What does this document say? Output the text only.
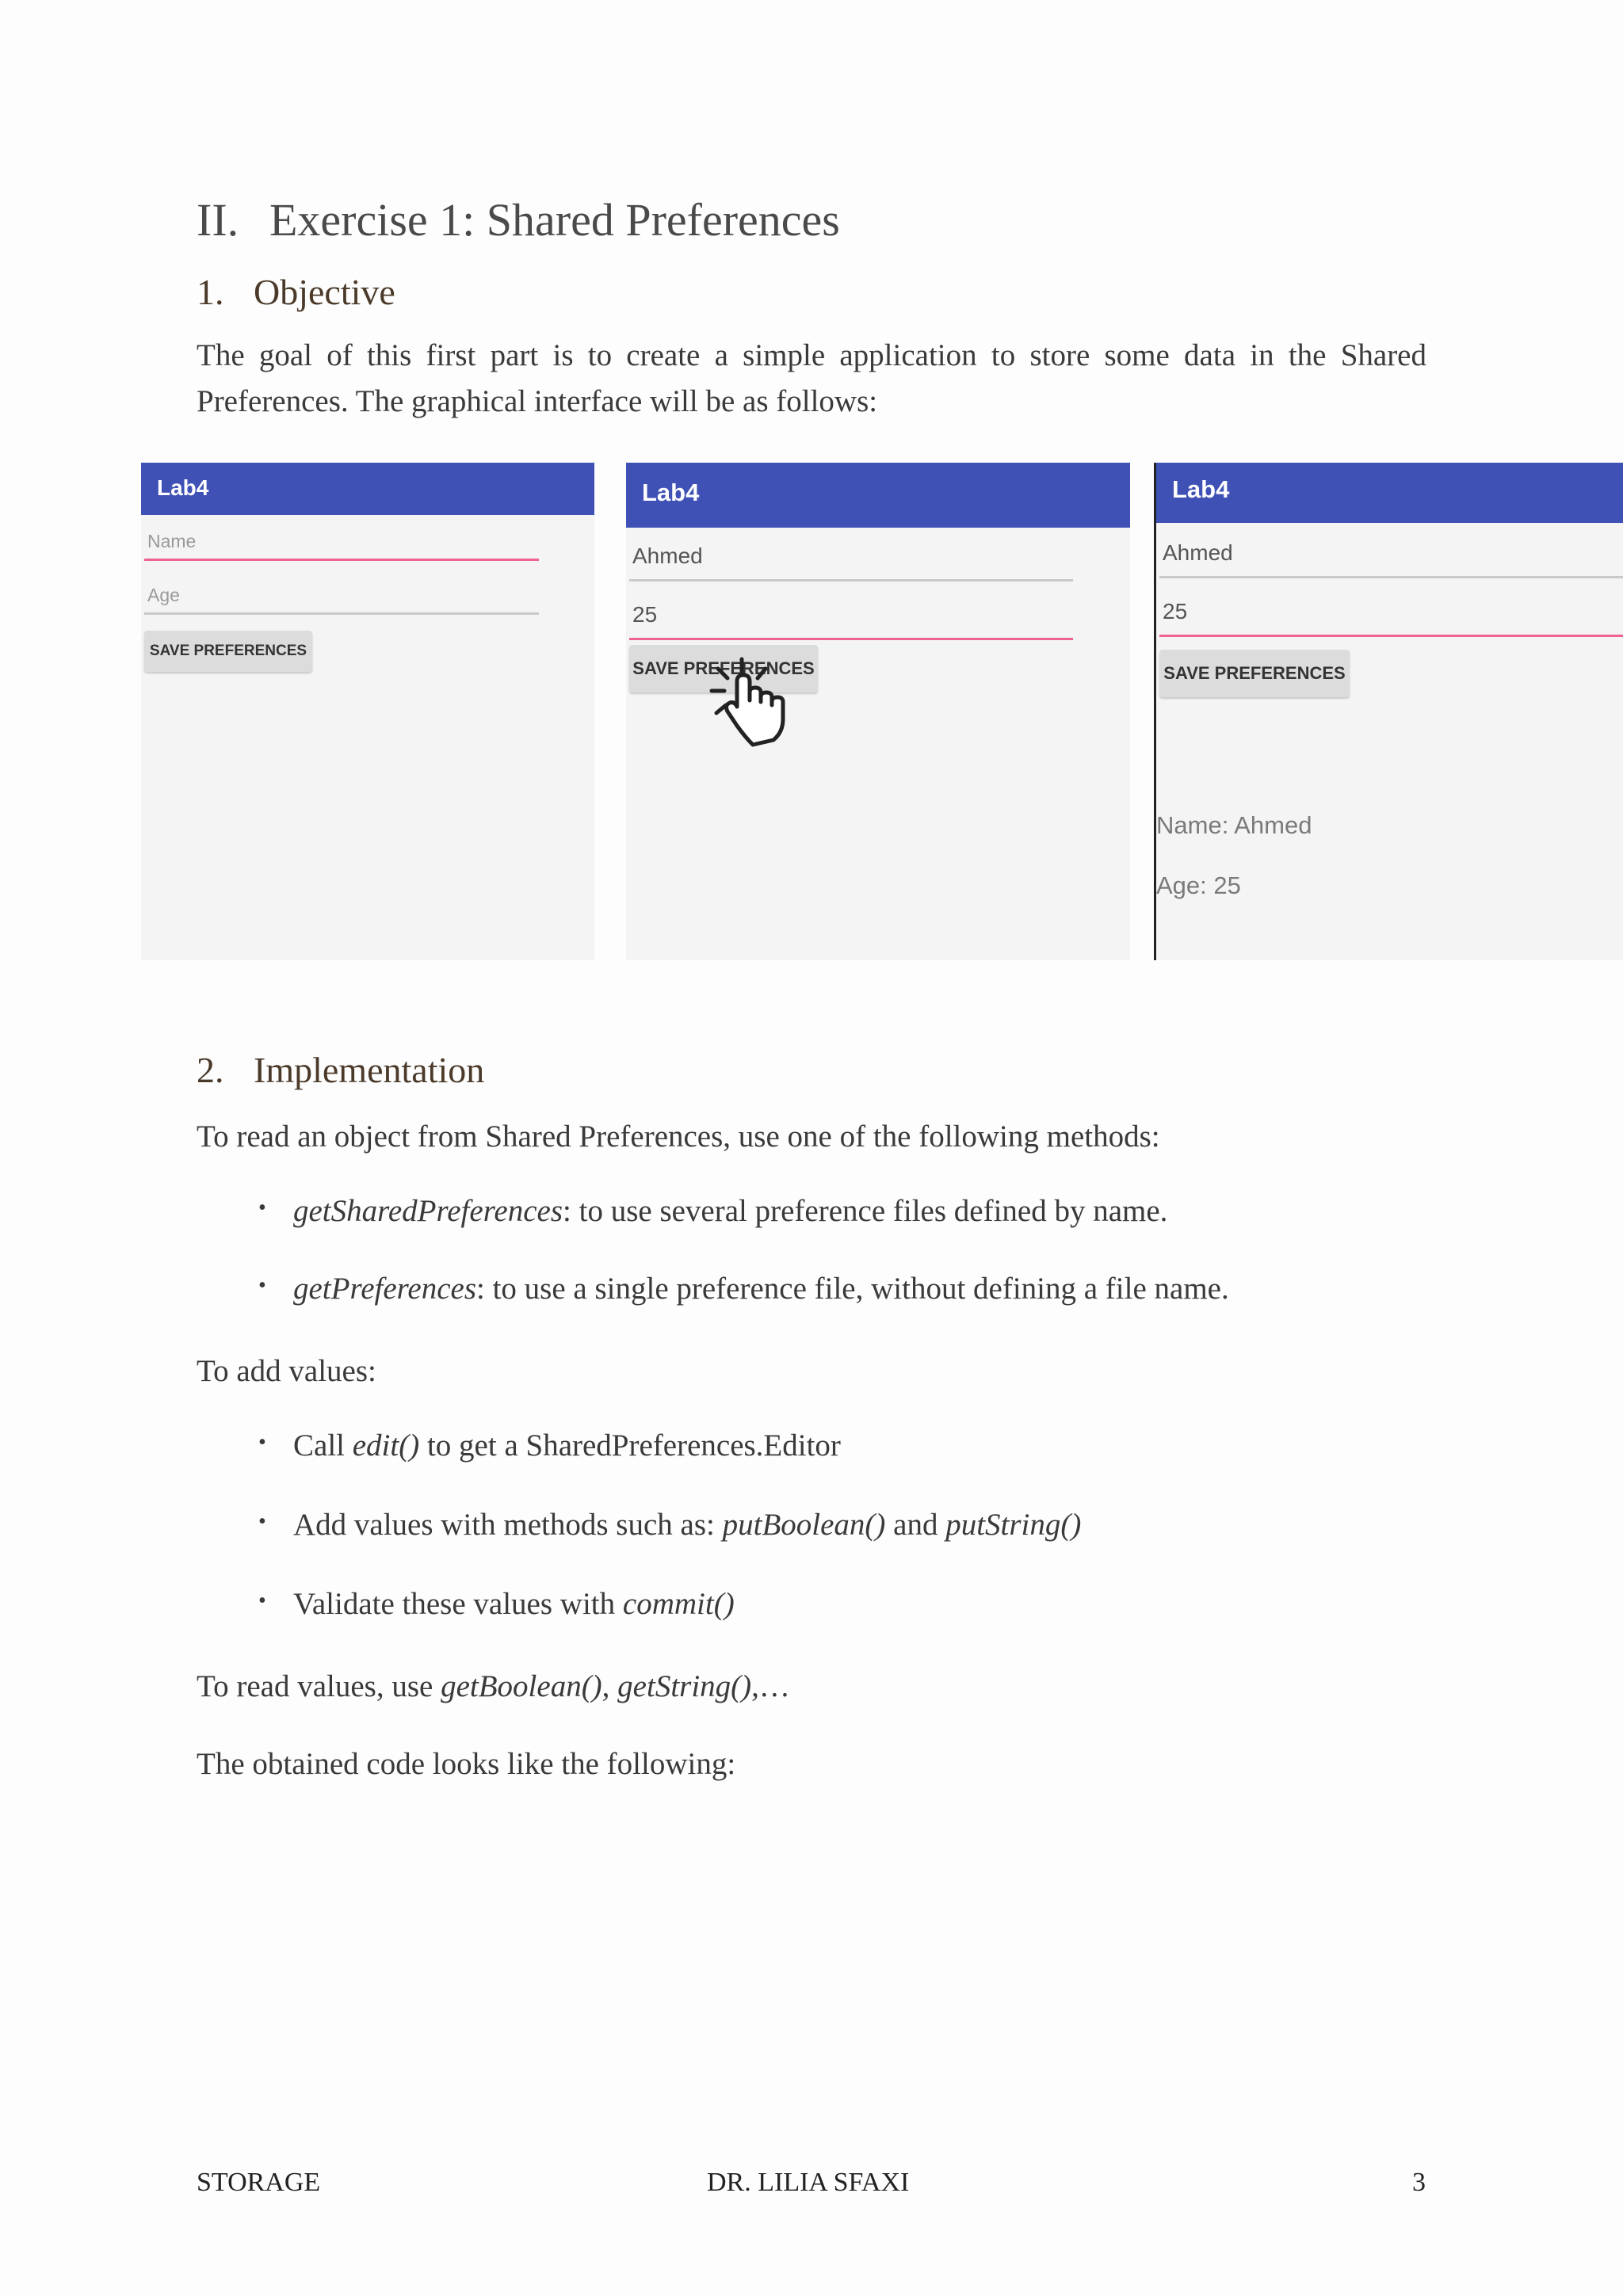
II. Exercise 1: Shared Preferences
1. Objective
The goal of this first part is to create a simple application to store some data in the Shared
Preferences. The graphical interface will be as follows:
Lab4
Name
Age
SAVE PREFERENCES
Lab4
Ahmed
25
SAVE PREFERENCES
Lab4
Ahmed
25
SAVE PREFERENCES
Name: Ahmed
Age: 25
2. Implementation
To read an object from Shared Preferences, use one of the following methods:
• getSharedPreferences: to use several preference files defined by name.
• getPreferences: to use a single preference file, without defining a file name.
To add values:
• Call edit() to get a SharedPreferences.Editor
• Add values with methods such as: putBoolean() and putString()
• Validate these values with commit()
To read values, use getBoolean(), getString(),…
The obtained code looks like the following:
STORAGE	DR. LILIA SFAXI	3
